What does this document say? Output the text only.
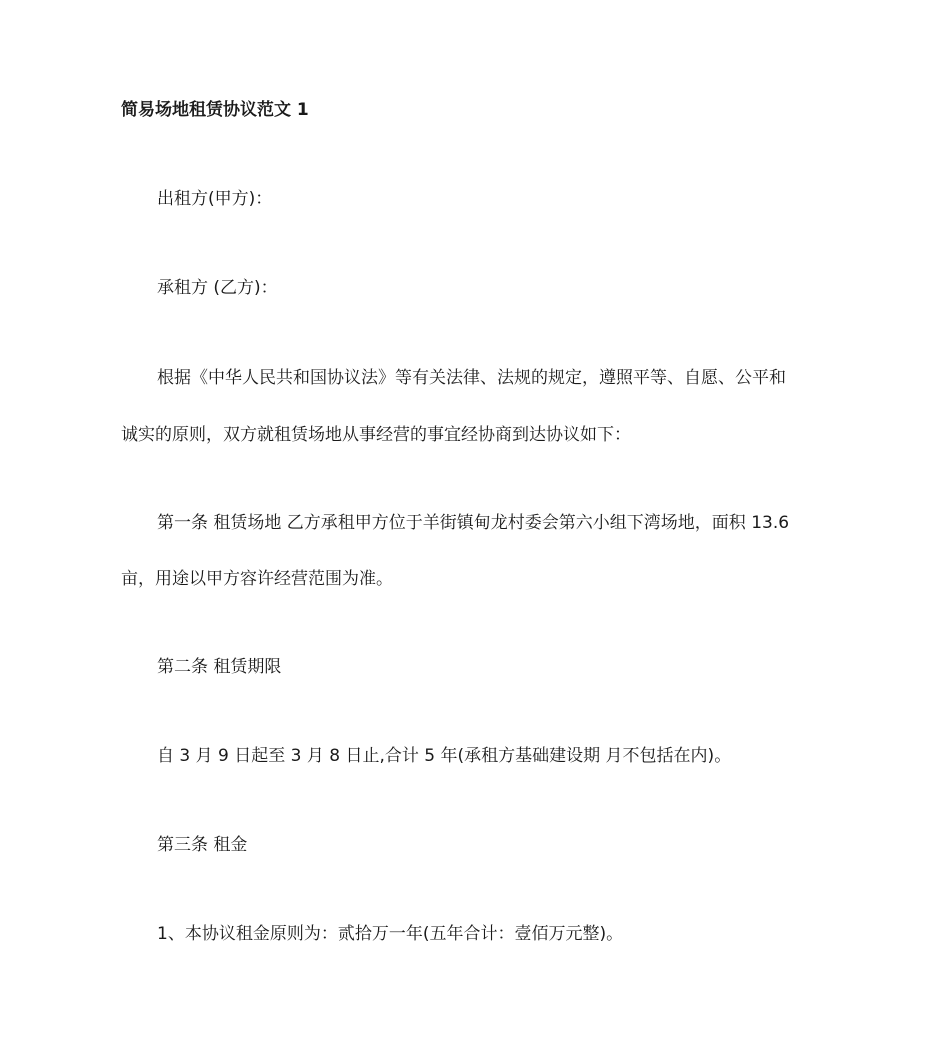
简易场地租赁协议范文 1
出租方(甲方)：
承租方 (乙方)：
根据《中华人民共和国协议法》等有关法律、法规的规定，遵照平等、自愿、公平和
诚实的原则，双方就租赁场地从事经营的事宜经协商到达协议如下：
第一条 租赁场地 乙方承租甲方位于羊街镇甸龙村委会第六小组下湾场地，面积 13.6
亩，用途以甲方容许经营范围为准。
第二条 租赁期限
自 3 月 9 日起至 3 月 8 日止,合计 5 年(承租方基础建设期 月不包括在内)。
第三条 租金
1、本协议租金原则为：贰拾万一年(五年合计：壹佰万元整)。
